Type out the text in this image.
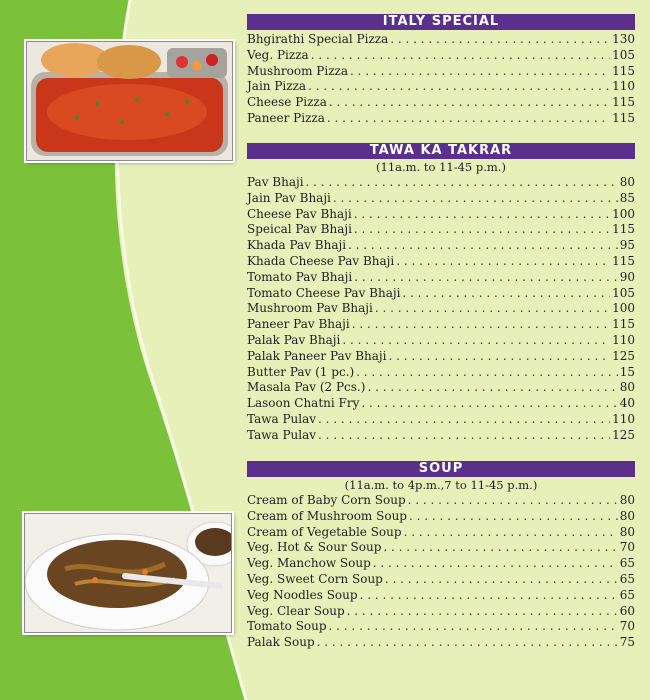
ITALY SPECIAL
Bhgirathi Special Pizza . . .	130
Veg. Pizza . . .	105
Mushroom Pizza . . .	115
Jain Pizza . . .	110
Cheese Pizza . . .	115
Paneer Pizza . . .	115
TAWA KA TAKRAR
(11a.m. to 11-45 p.m.)
Pav Bhaji . . .	80
Jain Pav Bhaji . . .	85
Cheese Pav Bhaji . . .	100
Speical Pav Bhaji . . .	115
Khada Pav Bhaji . . .	95
Khada Cheese Pav Bhaji . . .	115
Tomato Pav Bhaji . . .	90
Tomato Cheese Pav Bhaji . . .	105
Mushroom Pav Bhaji . . .	100
Paneer Pav Bhaji . . .	115
Palak Pav Bhaji . . .	110
Palak Paneer Pav Bhaji . . .	125
Butter Pav (1 pc.) . . .	15
Masala Pav (2 Pcs.) . . .	80
Lasoon Chatni Fry . . .	40
Tawa Pulav . . .	110
Tawa Pulav . . .	125
SOUP
(11a.m. to 4p.m.,7 to 11-45 p.m.)
Cream of Baby Corn Soup . . .	80
Cream of Mushroom Soup . . .	80
Cream of Vegetable Soup . . .	80
Veg. Hot & Sour Soup . . .	70
Veg. Manchow Soup . . .	65
Veg. Sweet Corn Soup . . .	65
Veg Noodles Soup . . .	65
Veg. Clear Soup . . .	60
Tomato Soup . . .	70
Palak Soup . . .	75
